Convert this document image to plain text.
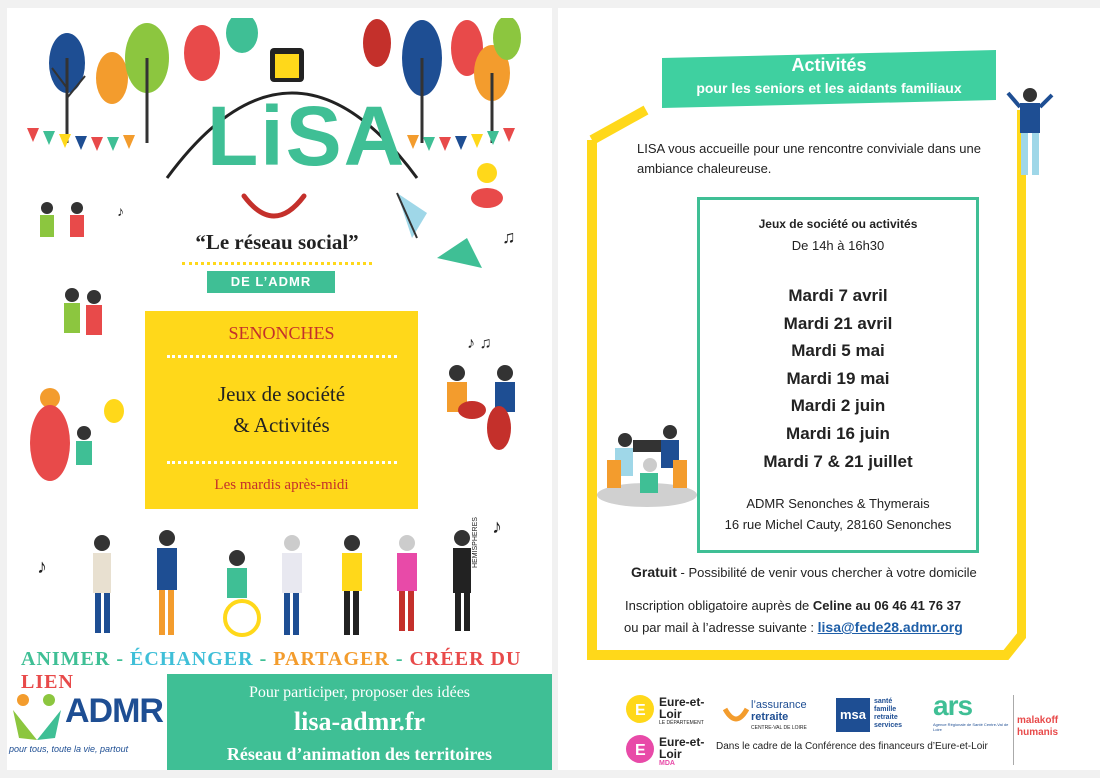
LiSA
“Le réseau social”
DE L’ADMR
♪
♫
♪ ♫
SENONCHES
Jeux de société
& Activités
Les mardis après-midi
♪
♪
HEMISPHERES
ANIMER - ÉCHANGER - PARTAGER - CRÉER DU LIEN
ADMR
pour tous, toute la vie, partout
Pour participer, proposer des idées
lisa-admr.fr
Réseau d’animation des territoires
Activités
pour les seniors et les aidants familiaux
LISA vous accueille pour une rencontre conviviale dans une ambiance chaleureuse.
Jeux de société ou activités
De 14h à 16h30
Mardi 7 avril
Mardi 21 avril
Mardi 5 mai
Mardi 19 mai
Mardi 2 juin
Mardi 16 juin
Mardi 7 & 21 juillet
ADMR Senonches & Thymerais
16 rue Michel Cauty, 28160 Senonches
Gratuit - Possibilité de venir vous chercher à votre domicile
Inscription obligatoire auprès de Celine au 06 46 41 76 37
ou par mail à l’adresse suivante : lisa@fede28.admr.org
E Eure-et-Loir
LE DÉPARTEMENT
E Eure-et-Loir
MDA
l’assurance
retraite
CENTRE-VAL DE LOIRE
msa
santé
famille
retraite
services
ars
Agence Régionale de Santé Centre-Val de Loire
malakoff
humanis
Dans le cadre de la Conférence des financeurs d’Eure-et-Loir
